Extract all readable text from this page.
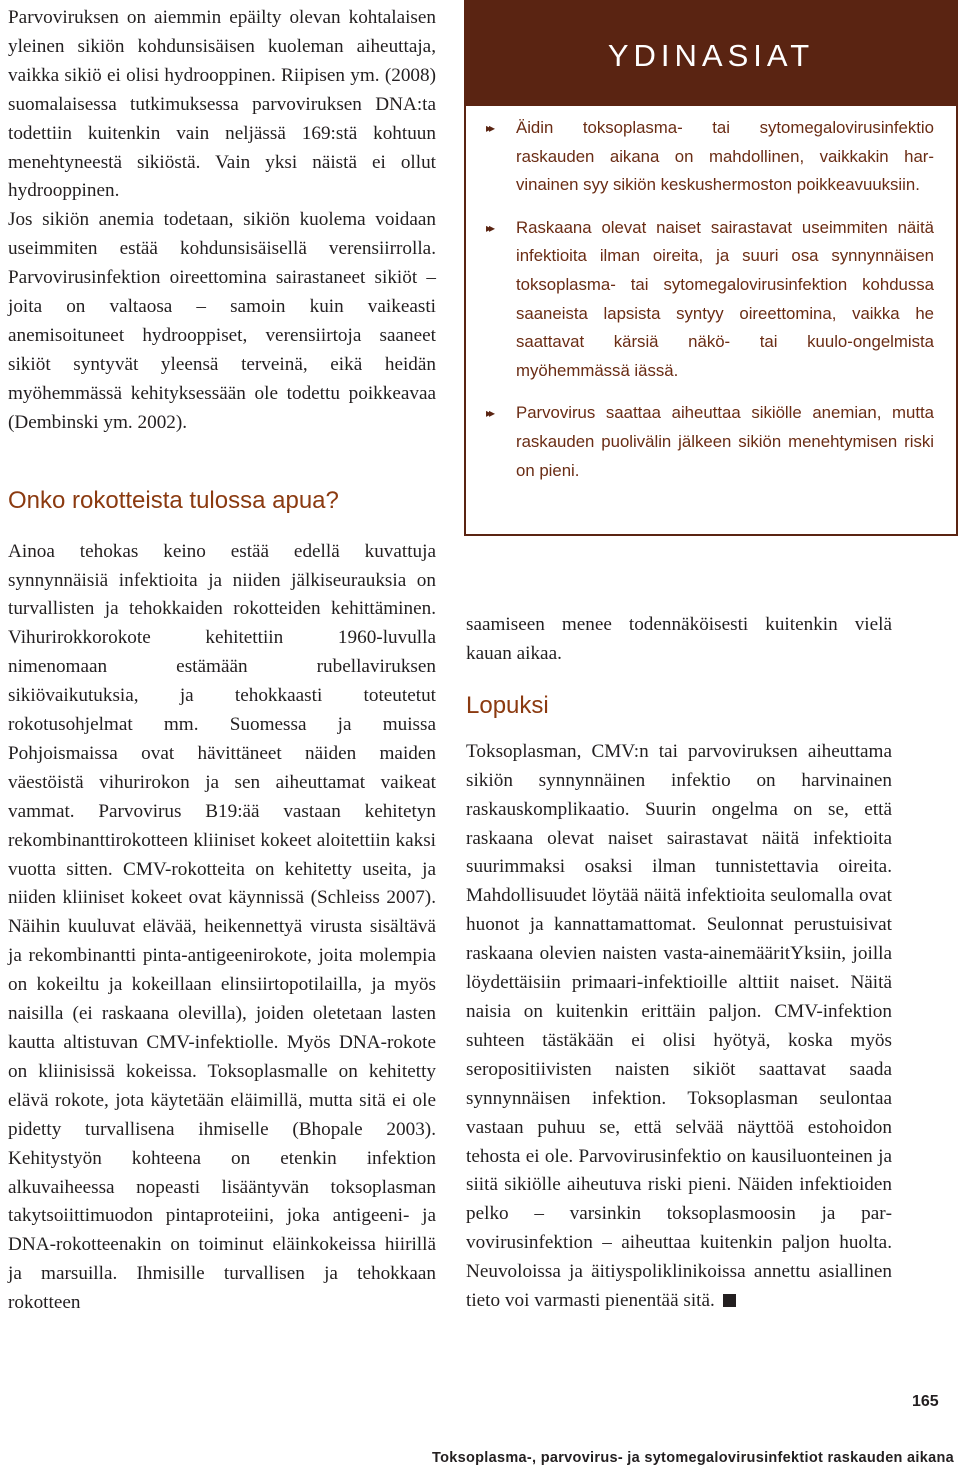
Parvoviruksen on aiemmin epäilty olevan kohtalaisen yleinen sikiön kohdunsisäisen kuoleman aiheuttaja, vaikka sikiö ei olisi hydrooppinen. Riipisen ym. (2008) suomalaisessa tutkimuksessa parvoviruksen DNA:ta todettiin kuitenkin vain neljässä 169:stä kohtuun menehtyneestä sikiöstä. Vain yksi näistä ei ollut hydrooppinen.

Jos sikiön anemia todetaan, sikiön kuolema voidaan useimmiten estää kohdunsisäisellä verensiirrolla. Parvovirusinfektion oireettomina sairastaneet sikiöt – joita on valtaosa – samoin kuin vaikeasti anemisoituneet hydrooppiset, verensiirtoja saaneet sikiöt syntyvät yleensä terveinä, eikä heidän myöhemmässä kehityksessään ole todettu poikkeavaa (Dembinski ym. 2002).

Onko rokotteista tulossa apua?

Ainoa tehokas keino estää edellä kuvattuja synnynnäisiä infektioita ja niiden jälkiseurauksia on turvallisten ja tehokkaiden rokotteiden kehittäminen. Vihurirokkorokote kehitettiin 1960-luvulla nimenomaan estämään rubellaviruksen sikiövaikutuksia, ja tehokkaasti toteutetut rokotusohjelmat mm. Suomessa ja muissa Pohjoismaissa ovat hävittäneet näiden maiden väestöistä vihurirokon ja sen aiheuttamat vaikeat vammat. Parvovirus B19:ää vastaan kehitetyn rekombinanttirokotteen kliiniset kokeet aloitettiin kaksi vuotta sitten. CMV-rokotteita on kehitetty useita, ja niiden kliiniset kokeet ovat käynnissä (Schleiss 2007). Näihin kuuluvat elävää, heikennettyä virusta sisältävä ja rekombinantti pinta-antigeenirokote, joita molempia on kokeiltu ja kokeillaan elinsiirtopotilailla, ja myös naisilla (ei raskaana olevilla), joiden oletetaan lasten kautta altistuvan CMV-infektiolle. Myös DNA-rokote on kliinisissä kokeissa. Toksoplasmalle on kehitetty elävä rokote, jota käytetään eläimillä, mutta sitä ei ole pidetty turvallisena ihmiselle (Bhopale 2003). Kehitystyön kohteena on etenkin infektion alkuvaiheessa nopeasti lisääntyvän toksoplasman takytsoiittimuodon pintaproteiini, joka antigeeni- ja DNA-rokotteenakin on toiminut eläinkokeissa hiirillä ja marsuilla. Ihmisille turvallisen ja tehokkaan rokotteen

YDINASIAT
▸▸ Äidin toksoplasma- tai sytomegalovirusinfektio raskauden aikana on mahdollinen, vaikkakin harvinainen syy sikiön keskushermoston poikkeavuuksiin.
▸▸ Raskaana olevat naiset sairastavat useimmiten näitä infektioita ilman oireita, ja suuri osa synnynnäisen toksoplasma- tai sytomegalovirusinfektion kohdussa saaneista lapsista syntyy oireettomina, vaikka he saattavat kärsiä näkö- tai kuulo-ongelmista myöhemmässä iässä.
▸▸ Parvovirus saattaa aiheuttaa sikiölle anemian, mutta raskauden puolivälin jälkeen sikiön menehtymisen riski on pieni.

saamiseen menee todennäköisesti kuitenkin vielä kauan aikaa.

Lopuksi

Toksoplasman, CMV:n tai parvoviruksen aiheuttama sikiön synnynnäinen infektio on harvinainen raskauskomplikaatio. Suurin ongelma on se, että raskaana olevat naiset sairastavat näitä infektioita suurimmaksi osaksi ilman tunnistettavia oireita. Mahdollisuudet löytää näitä infektioita seulomalla ovat huonot ja kannattamattomat. Seulonnat perustuisivat raskaana olevien naisten vasta-ainemääritYksiin, joilla löydettäisiin primaari-infektioille alttiit naiset. Näitä naisia on kuitenkin erittäin paljon. CMV-infektion suhteen tästäkään ei olisi hyötyä, koska myös seropositiivisten naisten sikiöt saattavat saada synnynnäisen infektion. Toksoplasman seulontaa vastaan puhuu se, että selvää näyttöä estohoidon tehosta ei ole. Parvovirusinfektio on kausiluonteinen ja siitä sikiölle aiheutuva riski pieni. Näiden infektioiden pelko – varsinkin toksoplasmoosin ja parvovirusinfektion – aiheuttaa kuitenkin paljon huolta. Neuvoloissa ja äitiyspoliklinikoissa annettu asiallinen tieto voi varmasti pienentää sitä.

165
Toksoplasma-, parvovirus- ja sytomegalovirusinfektiot raskauden aikana
